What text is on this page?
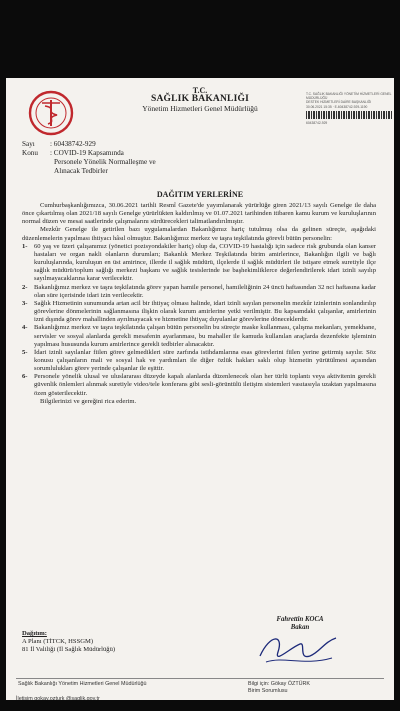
T.C.
SAĞLIK BAKANLIĞI
Yönetim Hizmetleri Genel Müdürlüğü
T.C. SAĞLIK BAKANLIĞI YÖNETİM HİZMETLERİ GENEL MÜDÜRLÜĞÜ
DESTEK HİZMETLERİ DAİRE BAŞKANLIĞI
30.06.2021 15:35 · E-60438742-929-1190
60438742-929
Sayı	: 60438742-929
Konu	: COVID-19 Kapsamında
Personele Yönelik Normalleşme ve
Alınacak Tedbirler
DAĞITIM YERLERİNE

Cumhurbaşkanlığımızca, 30.06.2021 tarihli Resmî Gazete'de yayımlanarak yürürlüğe giren 2021/13 sayılı Genelge ile daha önce çıkartılmış olan 2021/18 sayılı Genelge yürürlükten kaldırılmış ve 01.07.2021 tarihinden itibaren kamu kurum ve kuruluşlarının normal düzen ve mesai saatlerinde çalışmalarını sürdürecekleri talimatlandırılmıştır.

Mezkûr Genelge ile getirilen bazı uygulamalardan Bakanlığımız hariç tutulmuş olsa da gelinen süreçte, aşağıdaki düzenlemelerin yapılması ihtiyacı hâsıl olmuştur. Bakanlığımız merkez ve taşra teşkilatında görevli bütün personelin:

1- 60 yaş ve üzeri çalışanımız (yönetici pozisyondakiler hariç) olup da, COVID-19 hastalığı için sadece risk grubunda olan kanser hastaları ve organ nakli olanların durumları; Bakanlık Merkez Teşkilatında birim amirlerince, Bakanlığın ilgili ve bağlı kuruluşlarında, kuruluşun en üst amirince, illerde il sağlık müdürü, ilçelerde il sağlık müdürleri ile istişare etmek suretiyle ilçe sağlık müdürü/toplum sağlığı merkezi başkanı ve sağlık tesislerinde ise başhekimliklerce değerlendirilerek idari izinli sayılıp sayılmayacaklarına karar verilecektir.
2- Bakanlığımız merkez ve taşra teşkilatında görev yapan hamile personel, hamileliğinin 24 üncü haftasından 32 nci haftasına kadar olan süre içerisinde idari izin verilecektir.
3- Sağlık Hizmetinin sunumunda artan acil bir ihtiyaç olması halinde, idari izinli sayılan personelin mezkûr izinlerinin sonlandırılıp görevlerine dönmelerinin sağlanmasına ilişkin olarak kurum amirlerine yetki verilmiştir. Bu kapsamdaki çalışanlar, amirlerinin izni dışında görev mahallinden ayrılmayacak ve hizmetine ihtiyaç duyulanlar görevlerine döneceklerdir.
4- Bakanlığımız merkez ve taşra teşkilatında çalışan bütün personelin bu süreçte maske kullanması, çalışma mekanları, yemekhane, servisler ve sosyal alanlarda gerekli mesafenin ayarlanması, bu mahaller ile kamuda kullanılan araçlarda dezenfekte işleminin yapılması hususunda kurum amirlerince gerekli tedbirler alınacaktır.
5- İdari izinli sayılanlar fiilen görev gelmedikleri süre zarfında istihdamlarına esas görevlerini fiilen yerine getirmiş sayılır. Söz konusu çalışanların mali ve sosyal hak ve yardımları ile diğer özlük hakları saklı olup hizmetin yürütülmesi açısından sorumlulukları görev yerinde çalışanlar ile eşittir.
6- Personele yönelik ulusal ve uluslararası düzeyde kapalı alanlarda düzenlenecek olan her türlü toplantı veya aktivitenin gerekli güvenlik önlemleri alınmak suretiyle video/tele konferans gibi sesli-görüntülü iletişim sistemleri vasıtasıyla uzaktan yapılmasına özen gösterilecektir.

Bilgilerinizi ve gereğini rica ederim.

Fahrettin KOCA
Bakan
Dağıtım:
A Planı (TİTCK, HSSGM)
81 İl Valiliği (İl Sağlık Müdürlüğü)
Sağlık Bakanlığı Yönetim Hizmetleri Genel Müdürlüğü	Bilgi için: Gökay ÖZTÜRK
Birim Sorumlusu
İletişim gokay.ozturk @saglik.gov.tr
